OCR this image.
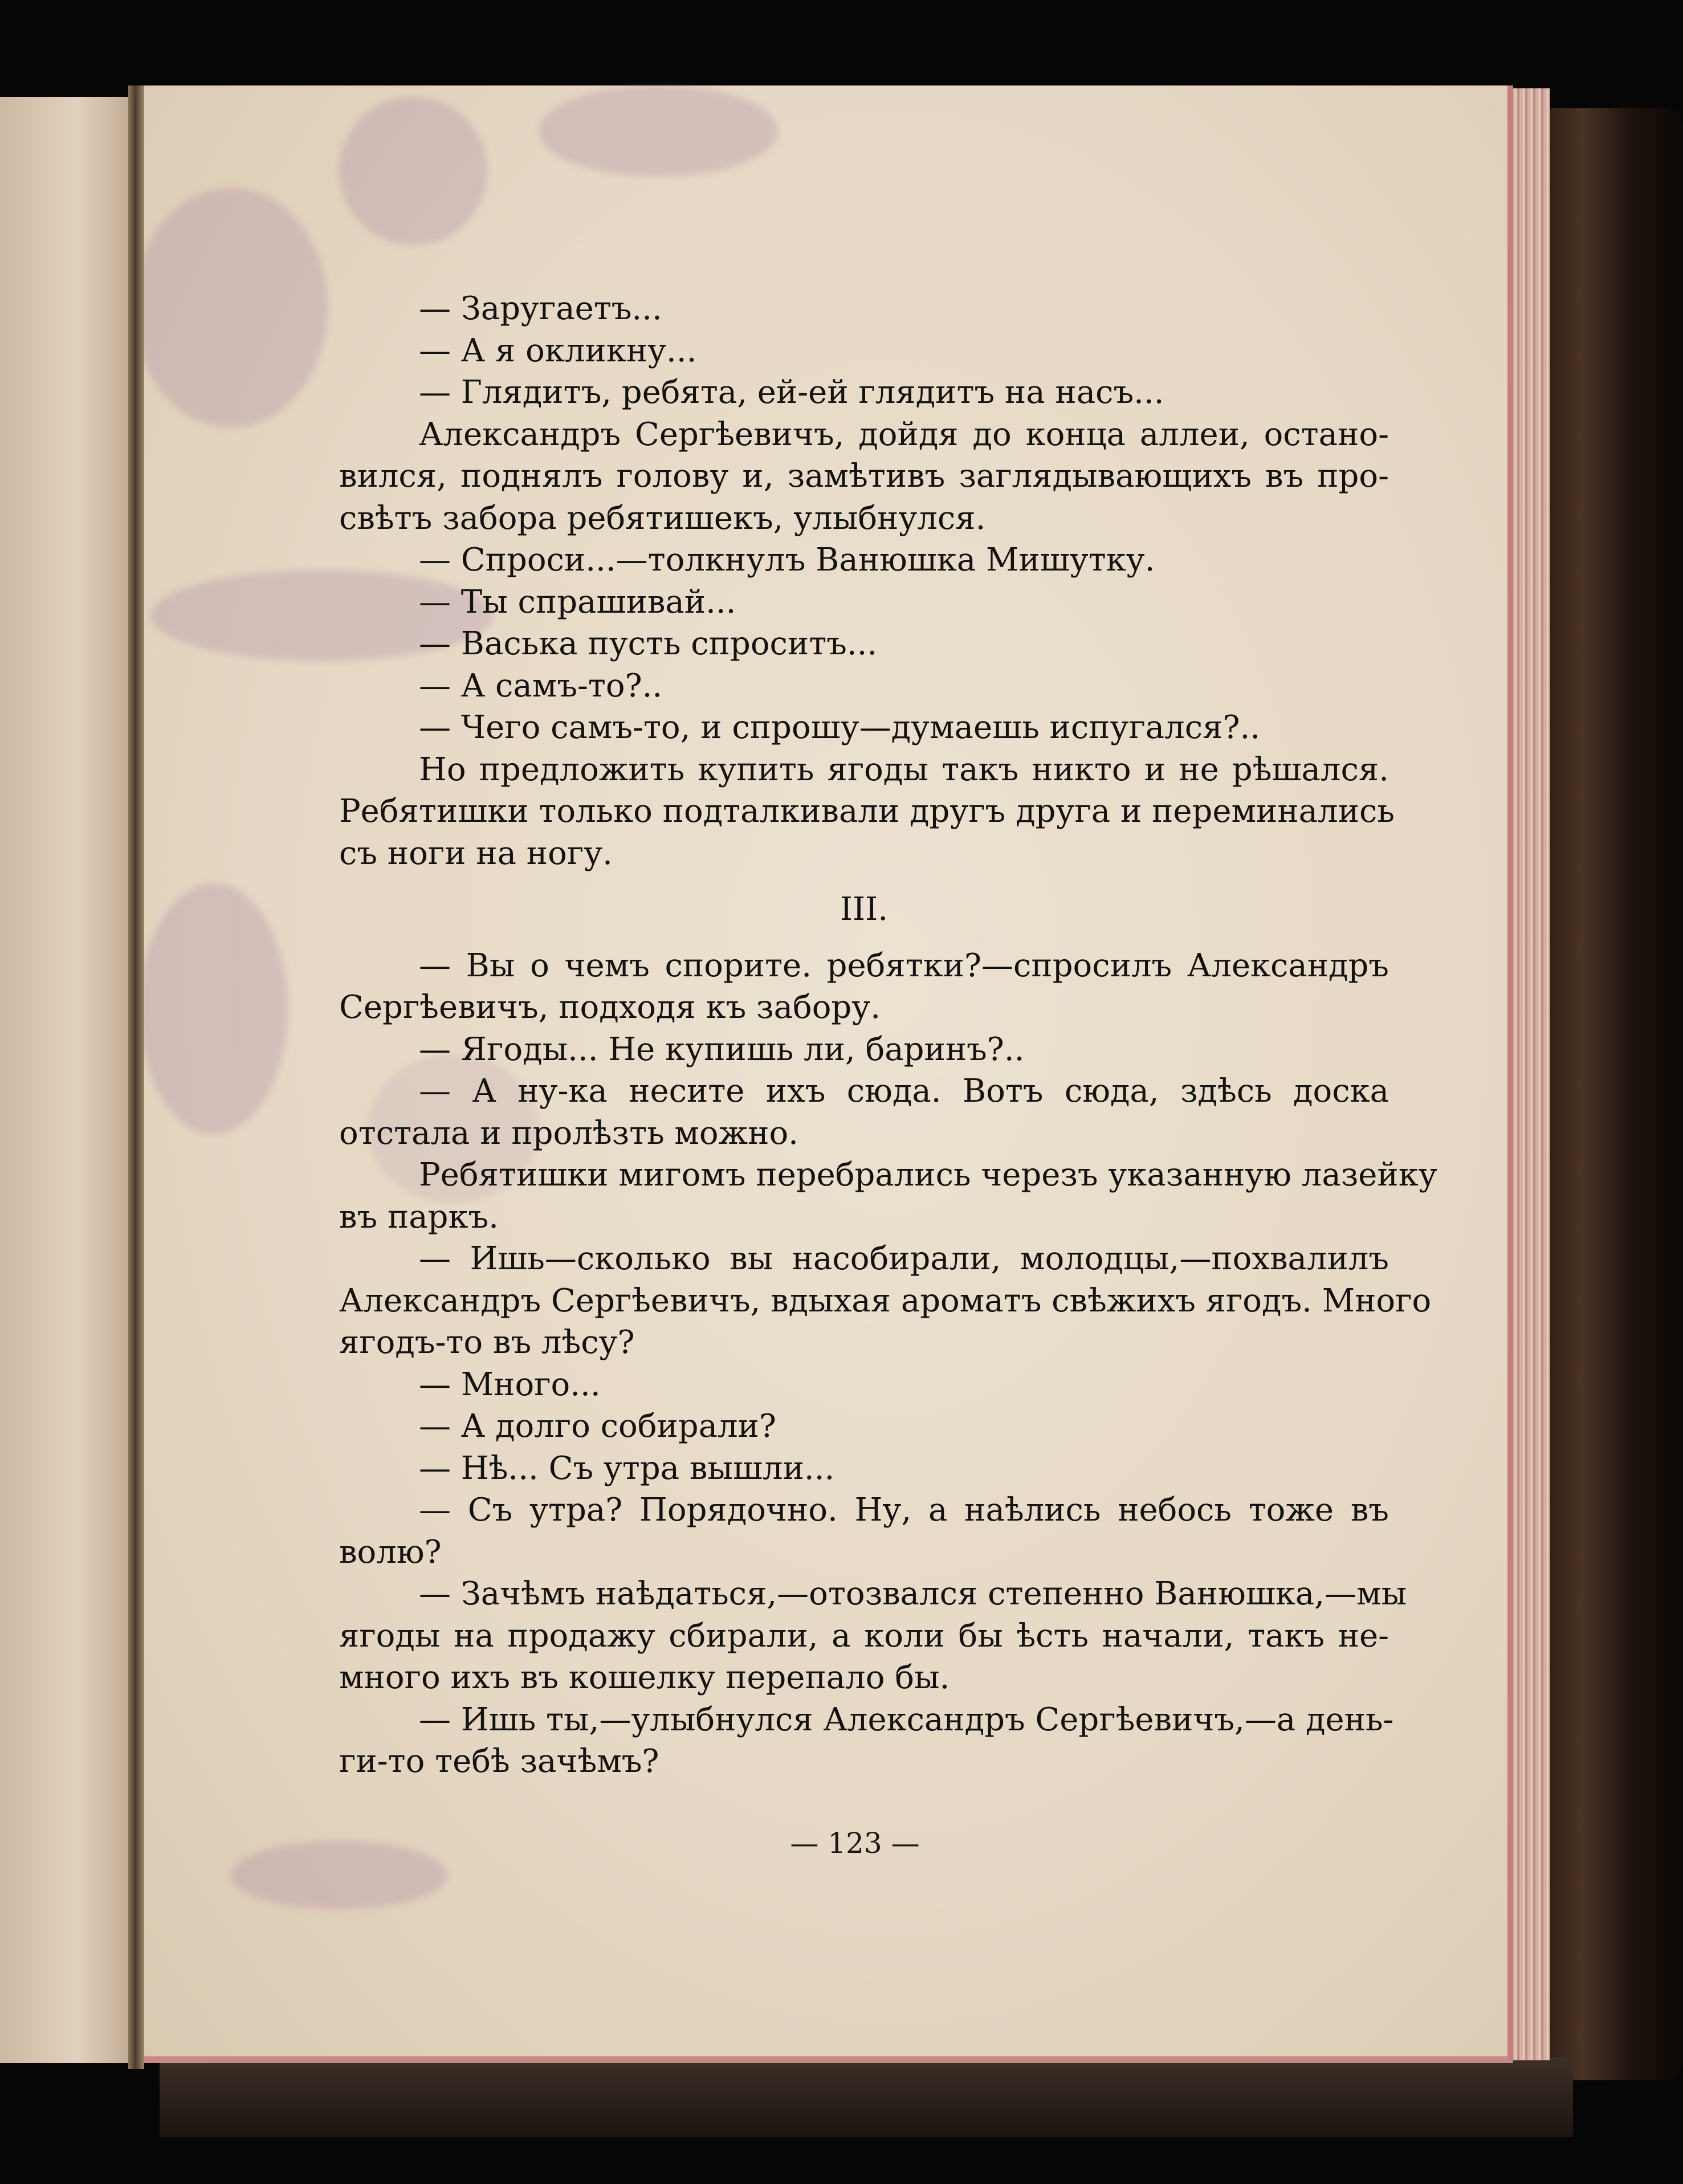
— Заругаетъ...
— А я окликну...
— Глядитъ, ребята, ей-ей глядитъ на насъ...
Александръ Сергѣевичъ, дойдя до конца аллеи, остано-
вился, поднялъ голову и, замѣтивъ заглядывающихъ въ про-
свѣтъ забора ребятишекъ, улыбнулся.
— Спроси...—толкнулъ Ванюшка Мишутку.
— Ты спрашивай...
— Васька пусть спроситъ...
— А самъ-то?..
— Чего самъ-то, и спрошу—думаешь испугался?..
Но предложить купить ягоды такъ никто и не рѣшался.
Ребятишки только подталкивали другъ друга и переминались
съ ноги на ногу.
III.
— Вы о чемъ спорите. ребятки?—спросилъ Александръ
Сергѣевичъ, подходя къ забору.
— Ягоды... Не купишь ли, баринъ?..
— А ну-ка несите ихъ сюда. Вотъ сюда, здѣсь доска
отстала и пролѣзть можно.
Ребятишки мигомъ перебрались черезъ указанную лазейку
въ паркъ.
— Ишь—сколько вы насобирали, молодцы,—похвалилъ
Александръ Сергѣевичъ, вдыхая ароматъ свѣжихъ ягодъ. Много
ягодъ-то въ лѣсу?
— Много...
— А долго собирали?
— Нѣ... Съ утра вышли...
— Съ утра? Порядочно. Ну, а наѣлись небось тоже въ
волю?
— Зачѣмъ наѣдаться,—отозвался степенно Ванюшка,—мы
ягоды на продажу сбирали, а коли бы ѣсть начали, такъ не-
много ихъ въ кошелку перепало бы.
— Ишь ты,—улыбнулся Александръ Сергѣевичъ,—а день-
ги-то тебѣ зачѣмъ?
— 123 —
